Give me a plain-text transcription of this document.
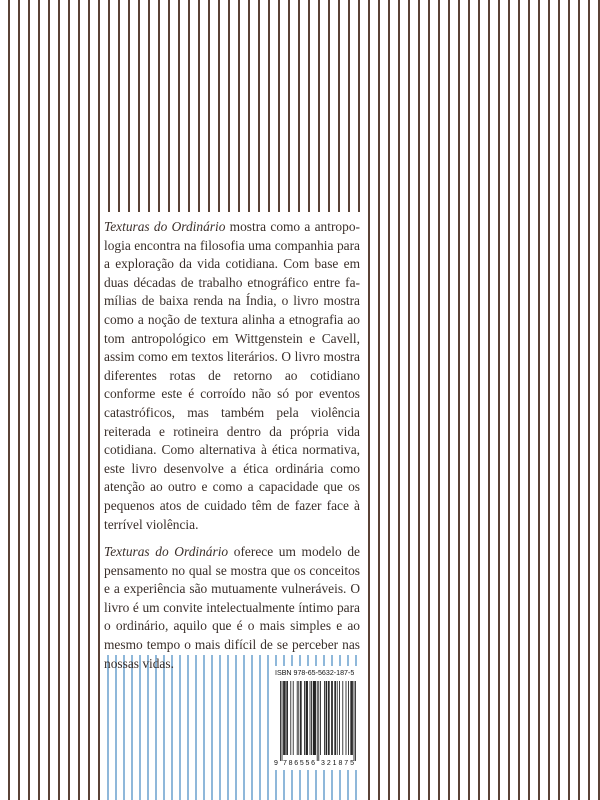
Texturas do Ordinário mostra como a antropologia encontra na filosofia uma companhia para a exploração da vida cotidiana. Com base em duas décadas de trabalho etnográfico entre famílias de baixa renda na Índia, o livro mostra como a noção de textura alinha a etnografia ao tom antropológico em Wittgenstein e Cavell, assim como em textos literários. O livro mostra diferentes rotas de retorno ao cotidiano conforme este é corroído não só por eventos catastróficos, mas também pela violência reiterada e rotineira dentro da própria vida cotidiana. Como alternativa à ética normativa, este livro desenvolve a ética ordinária como atenção ao outro e como a capacidade que os pequenos atos de cuidado têm de fazer face à terrível violência.

Texturas do Ordinário oferece um modelo de pensamento no qual se mostra que os conceitos e a experiência são mutuamente vulneráveis. O livro é um convite intelectualmente íntimo para o ordinário, aquilo que é o mais simples e ao mesmo tempo o mais difícil de se perceber nas nossas vidas.

ISBN 978-65-5632-187-5
9 786556 321875
